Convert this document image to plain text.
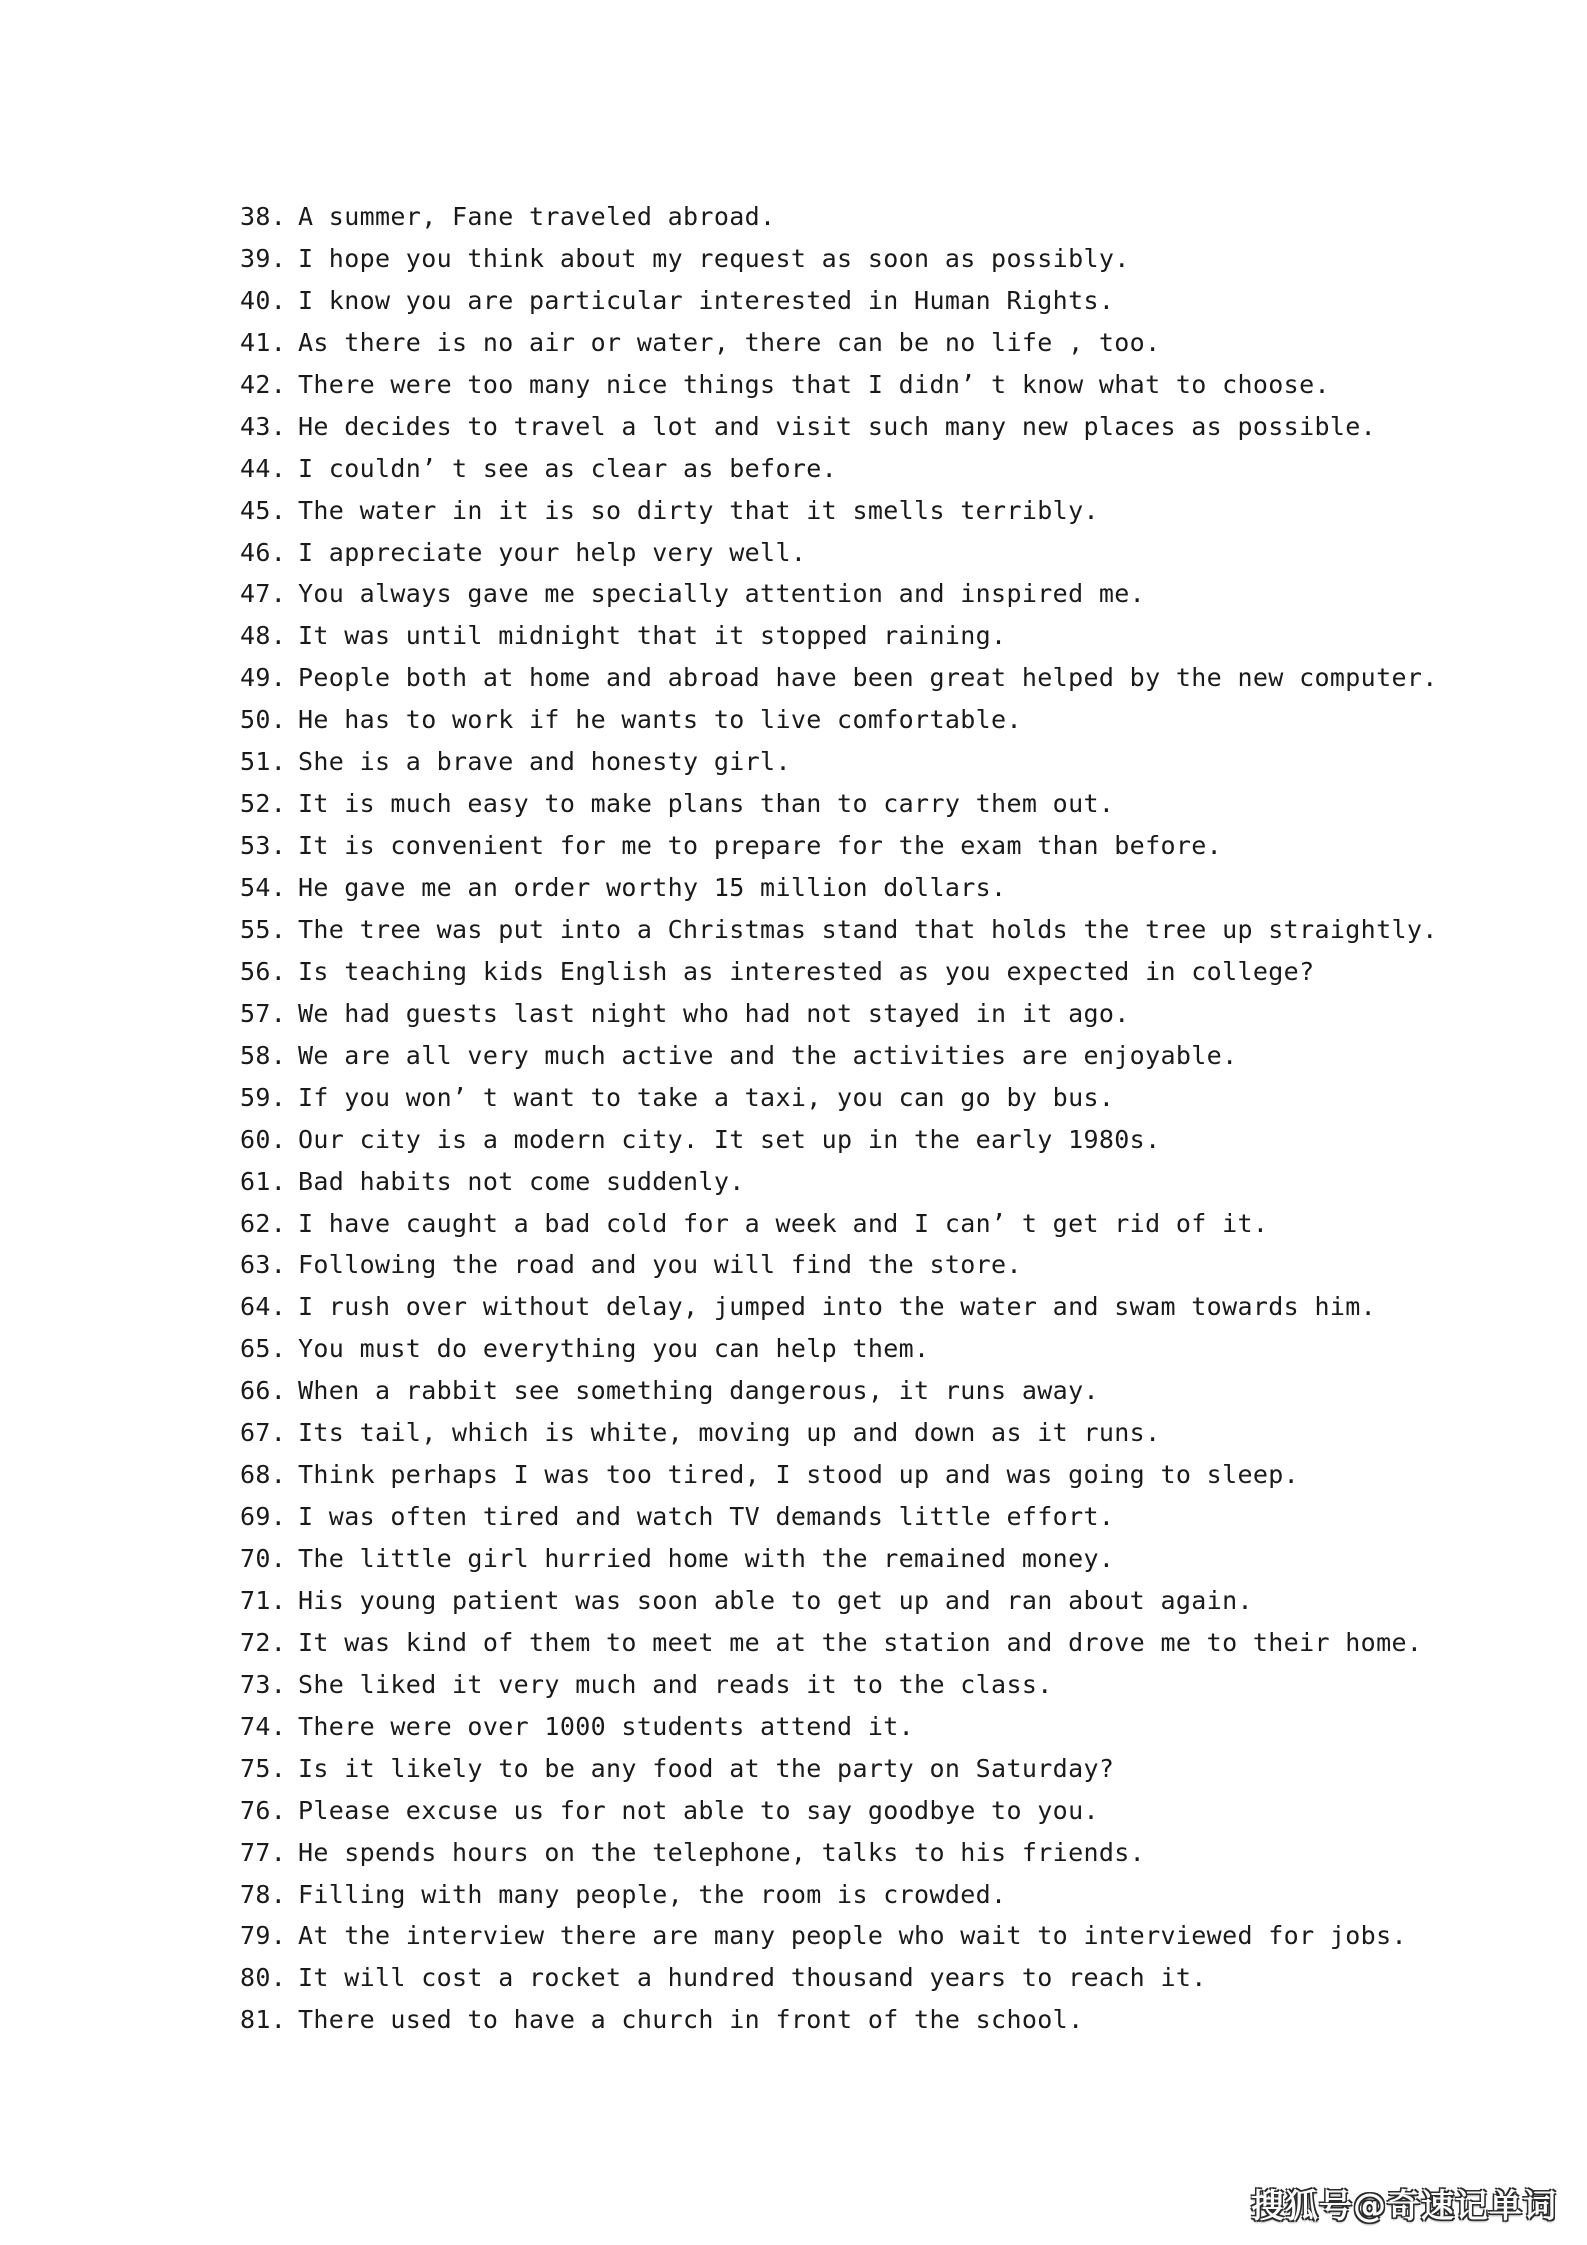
38. A summer, Fane traveled abroad.
39. I hope you think about my request as soon as possibly.
40. I know you are particular interested in Human Rights.
41. As there is no air or water, there can be no life , too.
42. There were too many nice things that I didn’ t know what to choose.
43. He decides to travel a lot and visit such many new places as possible.
44. I couldn’ t see as clear as before.
45. The water in it is so dirty that it smells terribly.
46. I appreciate your help very well.
47. You always gave me specially attention and inspired me.
48. It was until midnight that it stopped raining.
49. People both at home and abroad have been great helped by the new computer.
50. He has to work if he wants to live comfortable.
51. She is a brave and honesty girl.
52. It is much easy to make plans than to carry them out.
53. It is convenient for me to prepare for the exam than before.
54. He gave me an order worthy 15 million dollars.
55. The tree was put into a Christmas stand that holds the tree up straightly.
56. Is teaching kids English as interested as you expected in college?
57. We had guests last night who had not stayed in it ago.
58. We are all very much active and the activities are enjoyable.
59. If you won’ t want to take a taxi, you can go by bus.
60. Our city is a modern city. It set up in the early 1980s.
61. Bad habits not come suddenly.
62. I have caught a bad cold for a week and I can’ t get rid of it.
63. Following the road and you will find the store.
64. I rush over without delay, jumped into the water and swam towards him.
65. You must do everything you can help them.
66. When a rabbit see something dangerous, it runs away.
67. Its tail, which is white, moving up and down as it runs.
68. Think perhaps I was too tired, I stood up and was going to sleep.
69. I was often tired and watch TV demands little effort.
70. The little girl hurried home with the remained money.
71. His young patient was soon able to get up and ran about again.
72. It was kind of them to meet me at the station and drove me to their home.
73. She liked it very much and reads it to the class.
74. There were over 1000 students attend it.
75. Is it likely to be any food at the party on Saturday?
76. Please excuse us for not able to say goodbye to you.
77. He spends hours on the telephone, talks to his friends.
78. Filling with many people, the room is crowded.
79. At the interview there are many people who wait to interviewed for jobs.
80. It will cost a rocket a hundred thousand years to reach it.
81. There used to have a church in front of the school.
搜狐号@奇速记单词
